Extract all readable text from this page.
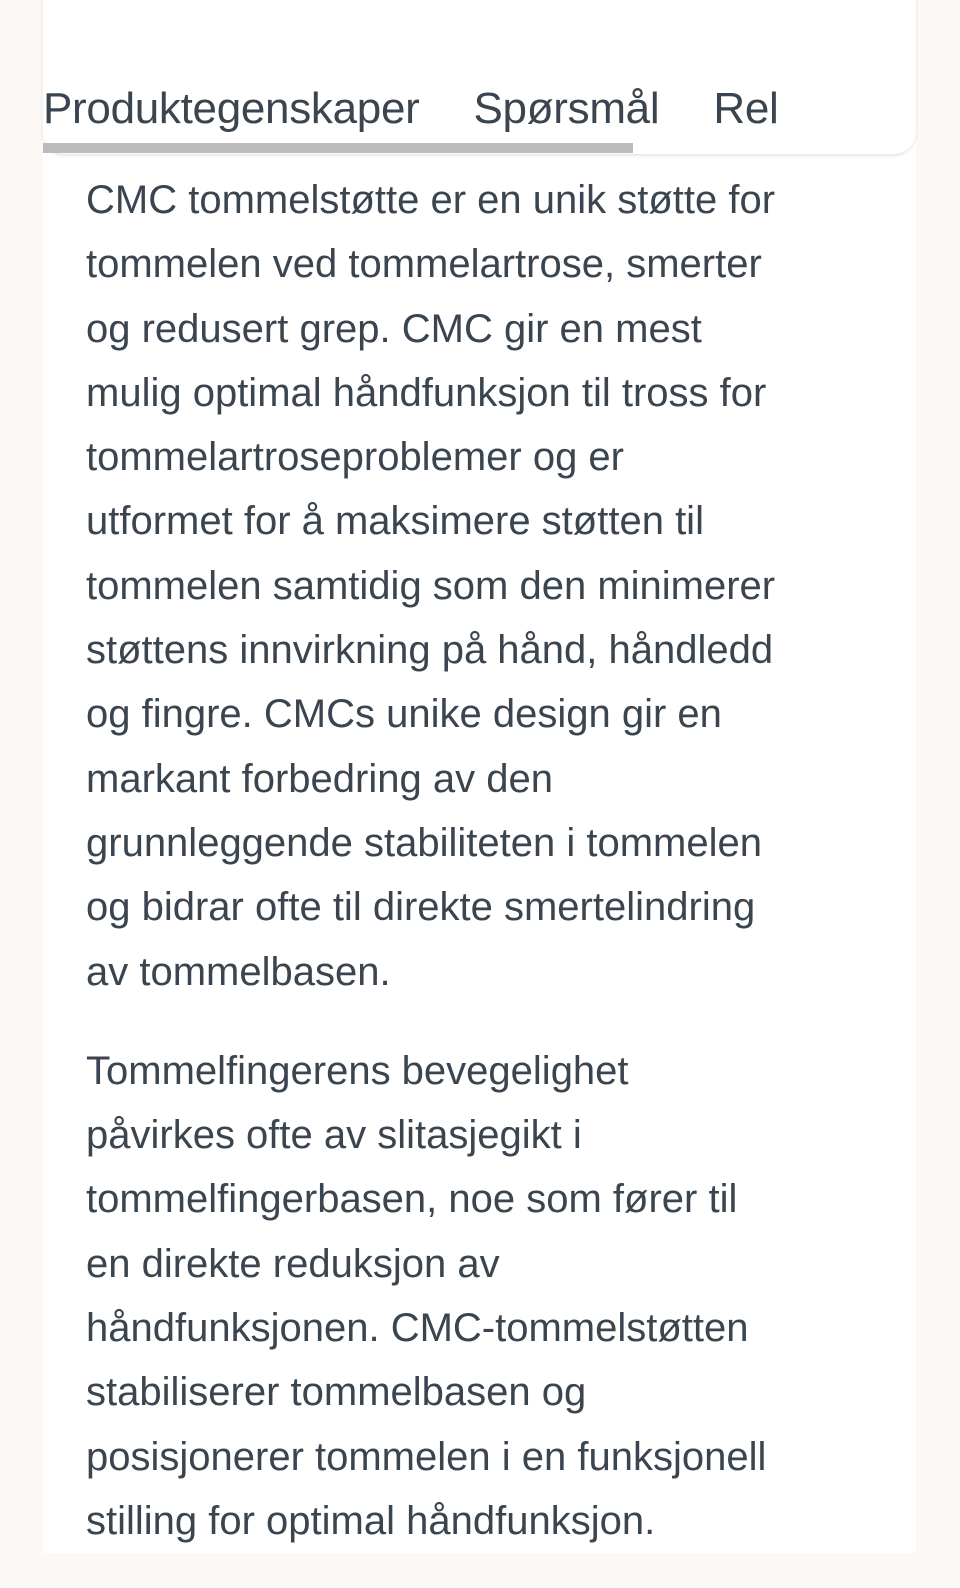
Produktegenskaper Spørsmål Rel

CMC tommelstøtte er en unik støtte for
tommelen ved tommelartrose, smerter
og redusert grep. CMC gir en mest
mulig optimal håndfunksjon til tross for
tommelartroseproblemer og er
utformet for å maksimere støtten til
tommelen samtidig som den minimerer
støttens innvirkning på hånd, håndledd
og fingre. CMCs unike design gir en
markant forbedring av den
grunnleggende stabiliteten i tommelen
og bidrar ofte til direkte smertelindring
av tommelbasen.

Tommelfingerens bevegelighet
påvirkes ofte av slitasjegikt i
tommelfingerbasen, noe som fører til
en direkte reduksjon av
håndfunksjonen. CMC-tommelstøtten
stabiliserer tommelbasen og
posisjonerer tommelen i en funksjonell
stilling for optimal håndfunksjon.
